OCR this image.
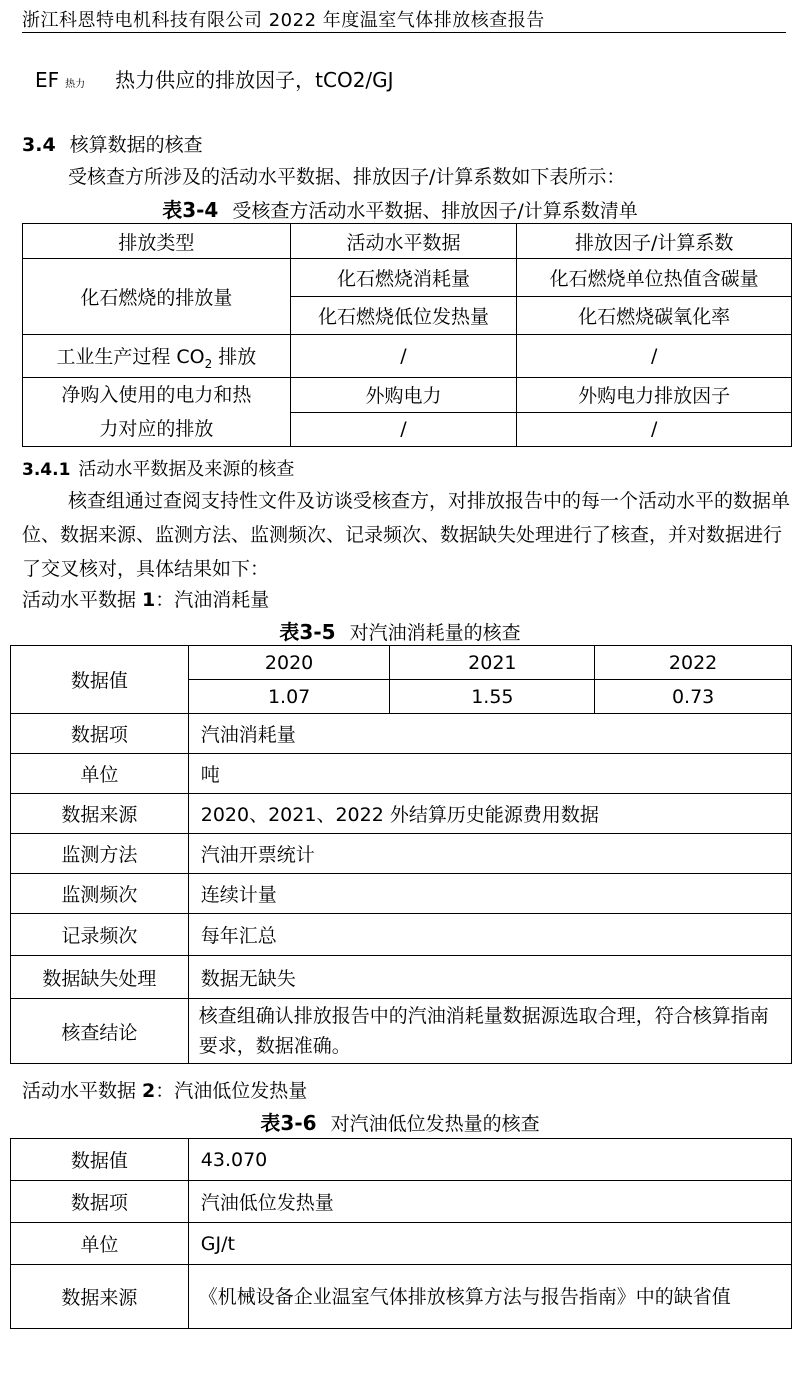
浙江科恩特电机科技有限公司 2022 年度温室气体排放核查报告
EF 热力 热力供应的排放因子，tCO2/GJ
3.4 核算数据的核查
受核查方所涉及的活动水平数据、排放因子/计算系数如下表所示：
表3-4 受核查方活动水平数据、排放因子/计算系数清单
排放类型	活动水平数据	排放因子/计算系数
化石燃烧的排放量	化石燃烧消耗量	化石燃烧单位热值含碳量
	化石燃烧低位发热量	化石燃烧碳氧化率
工业生产过程 $CO_2$ 排放	/	/

净购入使用的电力和热
力对应的排放	外购电力	外购电力排放因子
	/	/
3.4.1 活动水平数据及来源的核查
核查组通过查阅支持性文件及访谈受核查方，对排放报告中的每一个活动水平的数据单位、数据来源、监测方法、监测频次、记录频次、数据缺失处理进行了核查，并对数据进行了交叉核对，具体结果如下：
活动水平数据 1：汽油消耗量
表3-5 对汽油消耗量的核查
数据值	2020	2021	2022
	1.07	1.55	0.73
数据项	汽油消耗量		
单位	吨		
数据来源	2020、2021、2022 外结算历史能源费用数据		
监测方法	汽油开票统计		
监测频次	连续计量		
记录频次	每年汇总		
数据缺失处理	数据无缺失		
核查结论	核查组确认排放报告中的汽油消耗量数据源选取合理，符合核算指南要求，数据准确。		
活动水平数据 2：汽油低位发热量
表3-6 对汽油低位发热量的核查
数据值	43.070
数据项	汽油低位发热量
单位	GJ/t
数据来源	《机械设备企业温室气体排放核算方法与报告指南》中的缺省值
